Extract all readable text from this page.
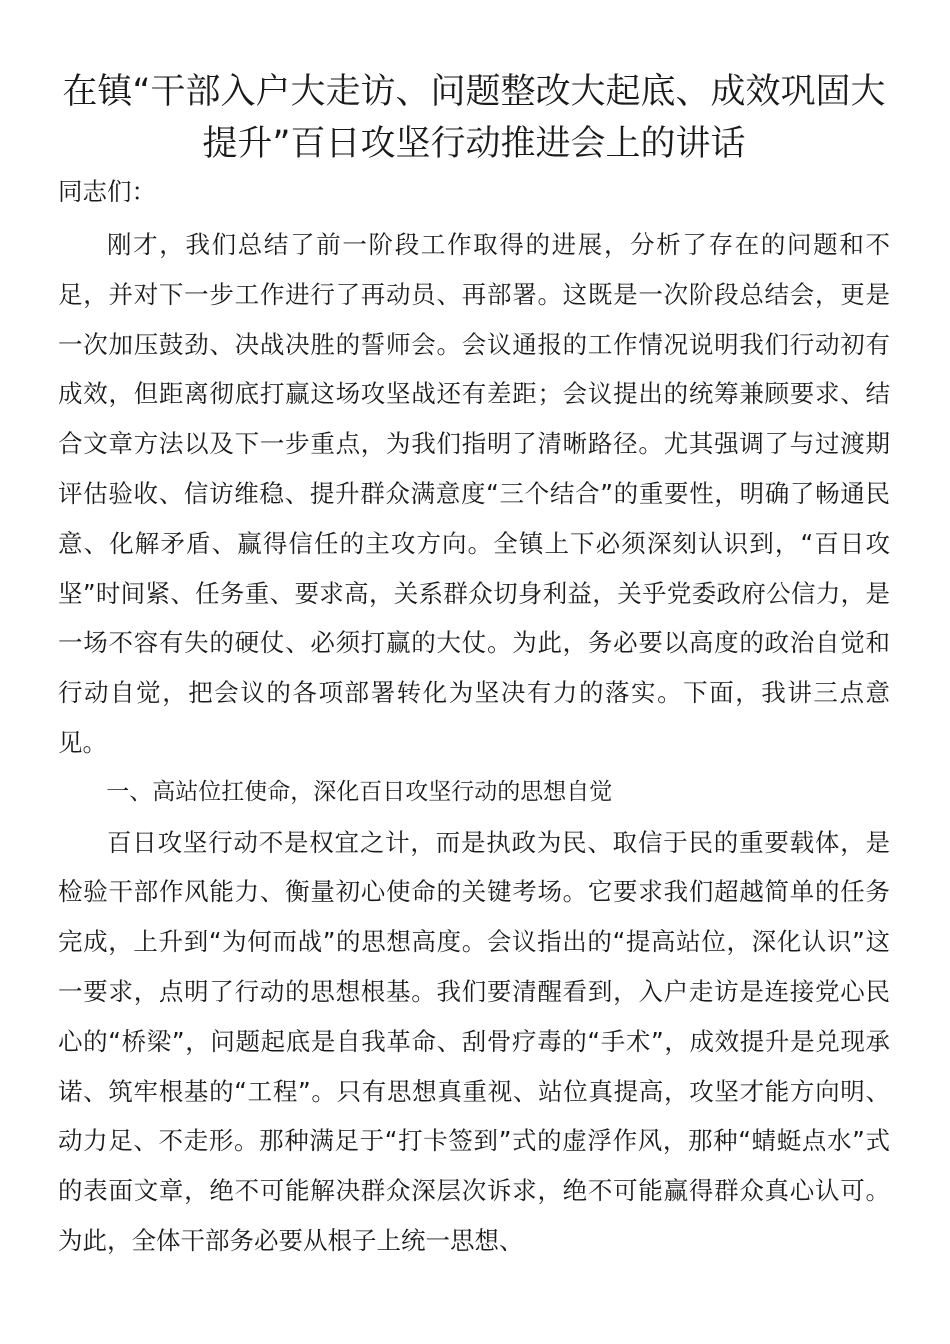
在镇“干部入户大走访、问题整改大起底、成效巩固大提升”百日攻坚行动推进会上的讲话

同志们：

刚才，我们总结了前一阶段工作取得的进展，分析了存在的问题和不足，并对下一步工作进行了再动员、再部署。这既是一次阶段总结会，更是一次加压鼓劲、决战决胜的誓师会。会议通报的工作情况说明我们行动初有成效，但距离彻底打赢这场攻坚战还有差距；会议提出的统筹兼顾要求、结合文章方法以及下一步重点，为我们指明了清晰路径。尤其强调了与过渡期评估验收、信访维稳、提升群众满意度“三个结合”的重要性，明确了畅通民意、化解矛盾、赢得信任的主攻方向。全镇上下必须深刻认识到，“百日攻坚”时间紧、任务重、要求高，关系群众切身利益，关乎党委政府公信力，是一场不容有失的硬仗、必须打赢的大仗。为此，务必要以高度的政治自觉和行动自觉，把会议的各项部署转化为坚决有力的落实。下面，我讲三点意见。

一、高站位扛使命，深化百日攻坚行动的思想自觉

百日攻坚行动不是权宜之计，而是执政为民、取信于民的重要载体，是检验干部作风能力、衡量初心使命的关键考场。它要求我们超越简单的任务完成，上升到“为何而战”的思想高度。会议指出的“提高站位，深化认识”这一要求，点明了行动的思想根基。我们要清醒看到，入户走访是连接党心民心的“桥梁”，问题起底是自我革命、刮骨疗毒的“手术”，成效提升是兑现承诺、筑牢根基的“工程”。只有思想真重视、站位真提高，攻坚才能方向明、动力足、不走形。那种满足于“打卡签到”式的虚浮作风，那种“蜻蜓点水”式的表面文章，绝不可能解决群众深层次诉求，绝不可能赢得群众真心认可。为此，全体干部务必要从根子上统一思想、
